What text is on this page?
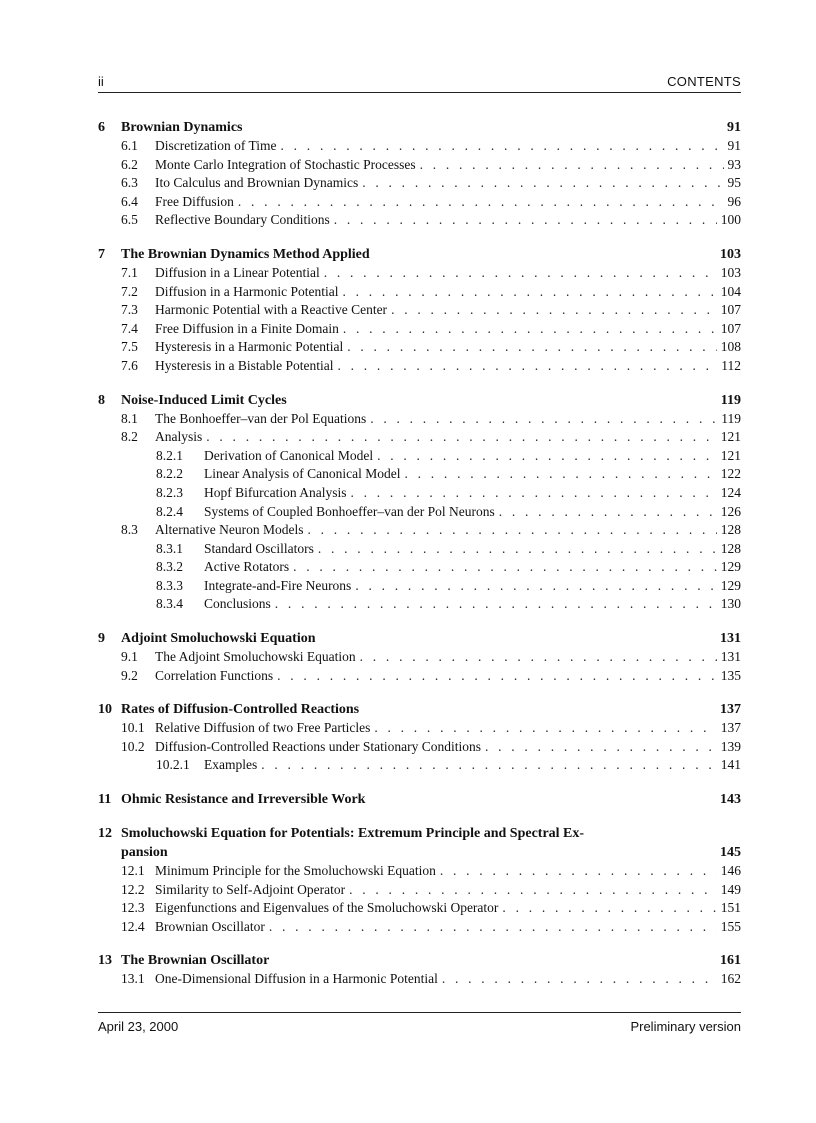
ii	CONTENTS
6	Brownian Dynamics	91
6.1	Discretization of Time . . .	91
6.2	Monte Carlo Integration of Stochastic Processes . . .	93
6.3	Ito Calculus and Brownian Dynamics . . .	95
6.4	Free Diffusion . . .	96
6.5	Reflective Boundary Conditions . . .	100
7	The Brownian Dynamics Method Applied	103
7.1	Diffusion in a Linear Potential . . .	103
7.2	Diffusion in a Harmonic Potential . . .	104
7.3	Harmonic Potential with a Reactive Center . . .	107
7.4	Free Diffusion in a Finite Domain . . .	107
7.5	Hysteresis in a Harmonic Potential . . .	108
7.6	Hysteresis in a Bistable Potential . . .	112
8	Noise-Induced Limit Cycles	119
8.1	The Bonhoeffer–van der Pol Equations . . .	119
8.2	Analysis . . .	121
8.2.1	Derivation of Canonical Model . . .	121
8.2.2	Linear Analysis of Canonical Model . . .	122
8.2.3	Hopf Bifurcation Analysis . . .	124
8.2.4	Systems of Coupled Bonhoeffer–van der Pol Neurons . . .	126
8.3	Alternative Neuron Models . . .	128
8.3.1	Standard Oscillators . . .	128
8.3.2	Active Rotators . . .	129
8.3.3	Integrate-and-Fire Neurons . . .	129
8.3.4	Conclusions . . .	130
9	Adjoint Smoluchowski Equation	131
9.1	The Adjoint Smoluchowski Equation . . .	131
9.2	Correlation Functions . . .	135
10 Rates of Diffusion-Controlled Reactions	137
10.1 Relative Diffusion of two Free Particles . . .	137
10.2 Diffusion-Controlled Reactions under Stationary Conditions . . .	139
10.2.1	Examples . . .	141
11 Ohmic Resistance and Irreversible Work	143
12 Smoluchowski Equation for Potentials: Extremum Principle and Spectral Ex-
pansion	145
12.1 Minimum Principle for the Smoluchowski Equation . . .	146
12.2 Similarity to Self-Adjoint Operator . . .	149
12.3 Eigenfunctions and Eigenvalues of the Smoluchowski Operator . . .	151
12.4 Brownian Oscillator . . .	155
13 The Brownian Oscillator	161
13.1 One-Dimensional Diffusion in a Harmonic Potential . . .	162
April 23, 2000	Preliminary version
